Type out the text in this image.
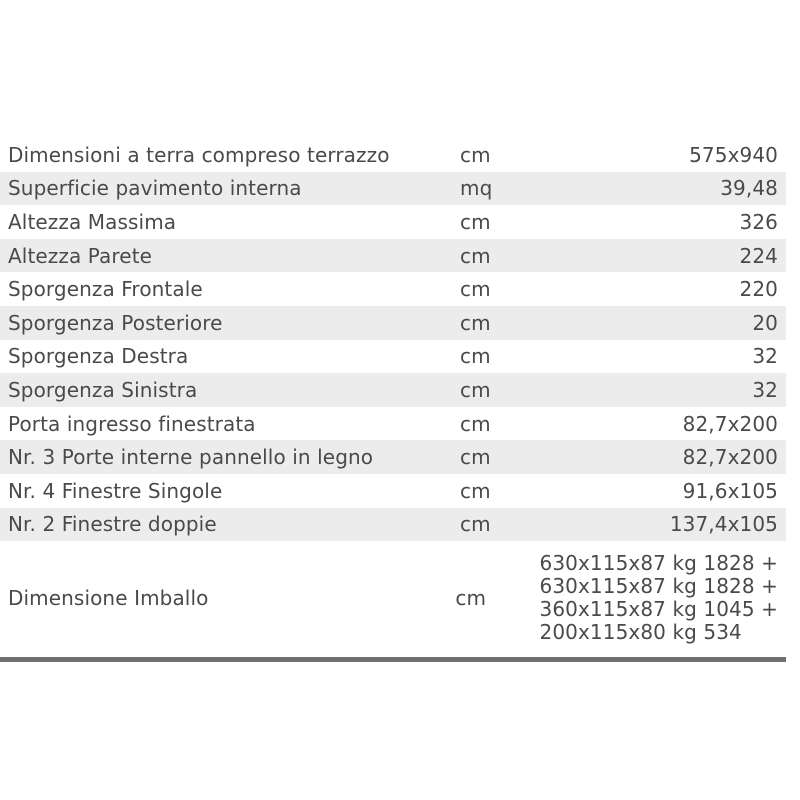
Dimensioni a terra compreso terrazzo	cm	575x940
Superficie pavimento interna	mq	39,48
Altezza Massima	cm	326
Altezza Parete	cm	224
Sporgenza Frontale	cm	220
Sporgenza Posteriore	cm	20
Sporgenza Destra	cm	32
Sporgenza Sinistra	cm	32
Porta ingresso finestrata	cm	82,7x200
Nr. 3 Porte interne pannello in legno	cm	82,7x200
Nr. 4 Finestre Singole	cm	91,6x105
Nr. 2 Finestre doppie	cm	137,4x105
Dimensione Imballo	cm
630x115x87 kg 1828 +
630x115x87 kg 1828 +
360x115x87 kg 1045 +
200x115x80 kg 534
